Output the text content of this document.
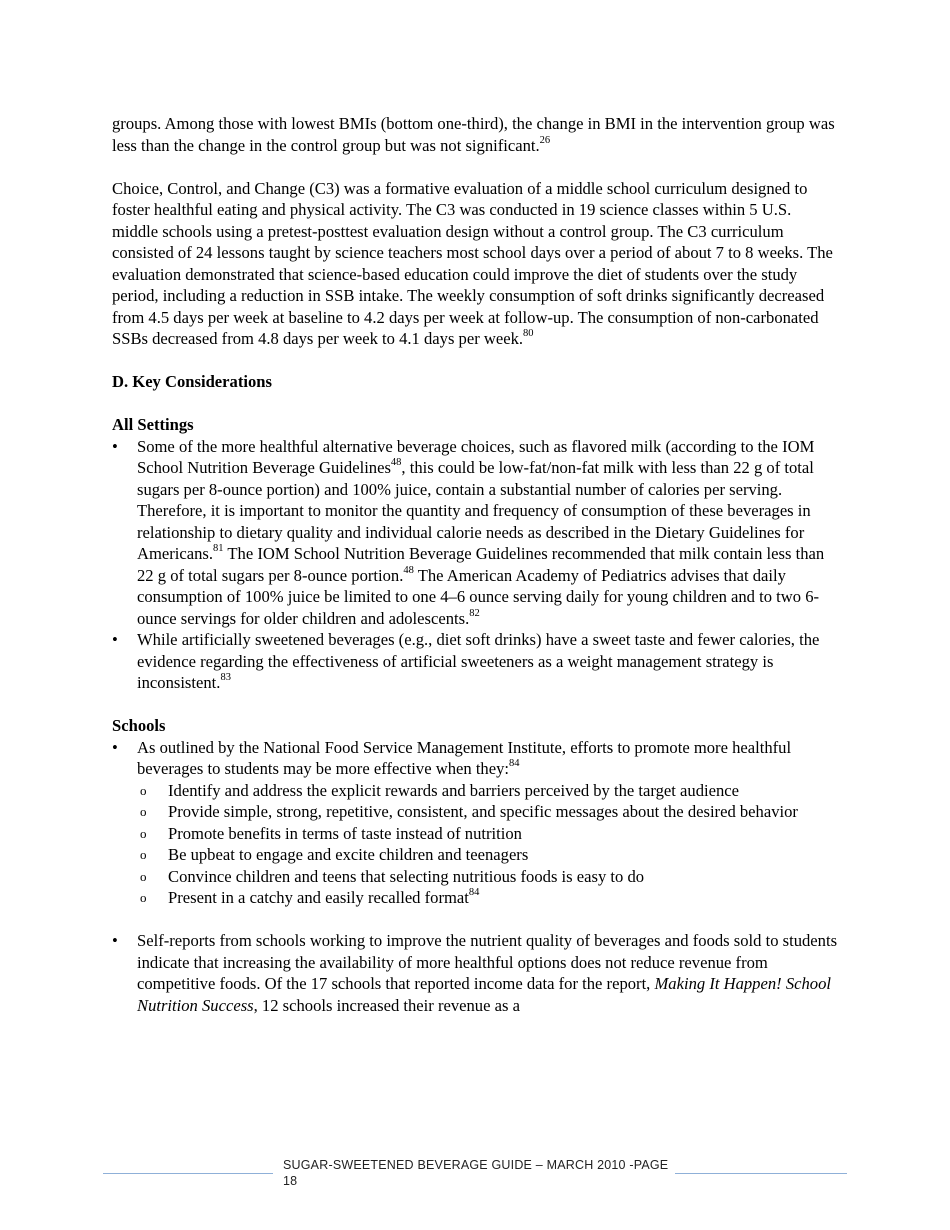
groups. Among those with lowest BMIs (bottom one-third), the change in BMI in the intervention group was less than the change in the control group but was not significant.$^{26}$

Choice, Control, and Change (C3) was a formative evaluation of a middle school curriculum designed to foster healthful eating and physical activity. The C3 was conducted in 19 science classes within 5 U.S. middle schools using a pretest-posttest evaluation design without a control group. The C3 curriculum consisted of 24 lessons taught by science teachers most school days over a period of about 7 to 8 weeks. The evaluation demonstrated that science-based education could improve the diet of students over the study period, including a reduction in SSB intake. The weekly consumption of soft drinks significantly decreased from 4.5 days per week at baseline to 4.2 days per week at follow-up. The consumption of non-carbonated SSBs decreased from 4.8 days per week to 4.1 days per week.$^{80}$

D. Key Considerations
All Settings
• Some of the more healthful alternative beverage choices, such as flavored milk (according to the IOM School Nutrition Beverage Guidelines$^{48}$, this could be low-fat/non-fat milk with less than 22 g of total sugars per 8-ounce portion) and 100% juice, contain a substantial number of calories per serving. Therefore, it is important to monitor the quantity and frequency of consumption of these beverages in relationship to dietary quality and individual calorie needs as described in the Dietary Guidelines for Americans.$^{81}$ The IOM School Nutrition Beverage Guidelines recommended that milk contain less than 22 g of total sugars per 8-ounce portion.$^{48}$ The American Academy of Pediatrics advises that daily consumption of 100% juice be limited to one 4–6 ounce serving daily for young children and to two 6-ounce servings for older children and adolescents.$^{82}$
• While artificially sweetened beverages (e.g., diet soft drinks) have a sweet taste and fewer calories, the evidence regarding the effectiveness of artificial sweeteners as a weight management strategy is inconsistent.$^{83}$
Schools
• As outlined by the National Food Service Management Institute, efforts to promote more healthful beverages to students may be more effective when they:$^{84}$
o Identify and address the explicit rewards and barriers perceived by the target audience
o Provide simple, strong, repetitive, consistent, and specific messages about the desired behavior
o Promote benefits in terms of taste instead of nutrition
o Be upbeat to engage and excite children and teenagers
o Convince children and teens that selecting nutritious foods is easy to do
o Present in a catchy and easily recalled format$^{84}$
• Self-reports from schools working to improve the nutrient quality of beverages and foods sold to students indicate that increasing the availability of more healthful options does not reduce revenue from competitive foods. Of the 17 schools that reported income data for the report, Making It Happen! School Nutrition Success, 12 schools increased their revenue as a
SUGAR-SWEETENED BEVERAGE GUIDE – MARCH 2010 -PAGE
18
